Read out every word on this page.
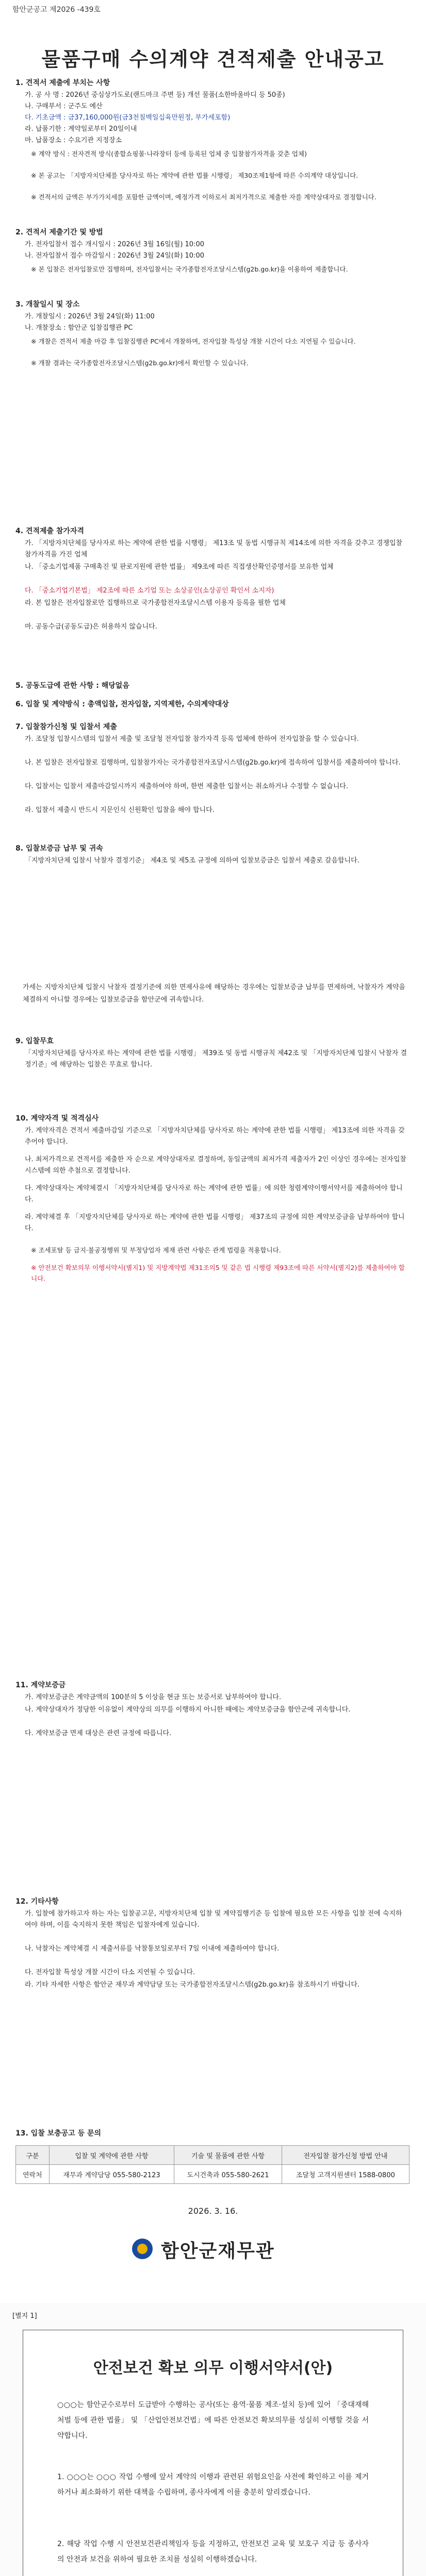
함안군공고 제2026 -439호
물품구매 수의계약 견적제출 안내공고
1. 견적서 제출에 부치는 사항
가. 공 사 명 : 2026년 중심상가도로(랜드마크 주변 등) 개선 물품(소한바울바디 등 50종)
나. 구매부서 : 군주도 예산
다. 기초금액 : 금37,160,000원(금3천칠백일십육만원정, 부가세포함)
라. 납품기한 : 계약일로부터 20일이내
마. 납품장소 : 수요기관 지정장소
※ 계약 방식 : 전자견적 방식(종합쇼핑몰·나라장터 등에 등록된 업체 중 입찰참가자격을 갖춘 업체)
※ 본 공고는 「지방자치단체를 당사자로 하는 계약에 관한 법률 시행령」 제30조제1항에 따른 수의계약 대상입니다.
※ 견적서의 금액은 부가가치세를 포함한 금액이며, 예정가격 이하로서 최저가격으로 제출한 자를 계약상대자로 결정합니다.
2. 견적서 제출기간 및 방법
가. 전자입찰서 접수 개시일시 : 2026년 3월 16일(월) 10:00
나. 전자입찰서 접수 마감일시 : 2026년 3월 24일(화) 10:00
※ 본 입찰은 전자입찰로만 집행하며, 전자입찰서는 국가종합전자조달시스템(g2b.go.kr)을 이용하여 제출합니다.
3. 개찰일시 및 장소
가. 개찰일시 : 2026년 3월 24일(화) 11:00
나. 개찰장소 : 함안군 입찰집행관 PC
※ 개찰은 견적서 제출 마감 후 입찰집행관 PC에서 개찰하며, 전자입찰 특성상 개찰 시간이 다소 지연될 수 있습니다.
※ 개찰 결과는 국가종합전자조달시스템(g2b.go.kr)에서 확인할 수 있습니다.
4. 견적제출 참가자격
가. 「지방자치단체를 당사자로 하는 계약에 관한 법률 시행령」 제13조 및 동법 시행규칙 제14조에 의한 자격을 갖추고 경쟁입찰 참가자격을 가진 업체
나. 「중소기업제품 구매촉진 및 판로지원에 관한 법률」 제9조에 따른 직접생산확인증명서를 보유한 업체
다. 「중소기업기본법」 제2조에 따른 소기업 또는 소상공인(소상공인 확인서 소지자)
라. 본 입찰은 전자입찰로만 집행하므로 국가종합전자조달시스템 이용자 등록을 필한 업체
마. 공동수급(공동도급)은 허용하지 않습니다.
5. 공동도급에 관한 사항 : 해당없음
6. 입찰 및 계약방식 : 총액입찰, 전자입찰, 지역제한, 수의계약대상
7. 입찰참가신청 및 입찰서 제출
가. 조달청 입찰시스템의 입찰서 제출 및 조달청 전자입찰 참가자격 등록 업체에 한하여 전자입찰을 할 수 있습니다.
나. 본 입찰은 전자입찰로 집행하며, 입찰참가자는 국가종합전자조달시스템(g2b.go.kr)에 접속하여 입찰서를 제출하여야 합니다.
다. 입찰서는 입찰서 제출마감일시까지 제출하여야 하며, 한번 제출한 입찰서는 취소하거나 수정할 수 없습니다.
라. 입찰서 제출시 반드시 지문인식 신원확인 입찰을 해야 합니다.
8. 입찰보증금 납부 및 귀속
「지방자치단체 입찰시 낙찰자 결정기준」 제4조 및 제5조 규정에 의하여 입찰보증금은 입찰서 제출로 갈음합니다.
가세는 지방자치단체 입찰시 낙찰자 결정기준에 의한 면제사유에 해당하는 경우에는 입찰보증금 납부를 면제하며, 낙찰자가 계약을 체결하지 아니할 경우에는 입찰보증금을 함안군에 귀속합니다.
9. 입찰무효
「지방자치단체를 당사자로 하는 계약에 관한 법률 시행령」 제39조 및 동법 시행규칙 제42조 및 「지방자치단체 입찰시 낙찰자 결정기준」에 해당하는 입찰은 무효로 합니다.
10. 계약자격 및 적격심사
가. 계약자격은 견적서 제출마감일 기준으로 「지방자치단체를 당사자로 하는 계약에 관한 법률 시행령」 제13조에 의한 자격을 갖추어야 합니다.
나. 최저가격으로 견적서를 제출한 자 순으로 계약상대자로 결정하며, 동일금액의 최저가격 제출자가 2인 이상인 경우에는 전자입찰 시스템에 의한 추첨으로 결정합니다.
다. 계약상대자는 계약체결시 「지방자치단체를 당사자로 하는 계약에 관한 법률」에 의한 청렴계약이행서약서를 제출하여야 합니다.
라. 계약체결 후 「지방자치단체를 당사자로 하는 계약에 관한 법률 시행령」 제37조의 규정에 의한 계약보증금을 납부하여야 합니다.
※ 조세포탈 등 금지·불공정행위 및 부정당업자 제재 관련 사항은 관계 법령을 적용합니다.
※ 안전보건 확보의무 이행서약서(별지1) 및 지방계약법 제31조의5 및 같은 법 시행령 제93조에 따른 서약서(별지2)를 제출하여야 합니다.
11. 계약보증금
가. 계약보증금은 계약금액의 100분의 5 이상을 현금 또는 보증서로 납부하여야 합니다.
나. 계약상대자가 정당한 이유없이 계약상의 의무를 이행하지 아니한 때에는 계약보증금을 함안군에 귀속합니다.
다. 계약보증금 면제 대상은 관련 규정에 따릅니다.
12. 기타사항
가. 입찰에 참가하고자 하는 자는 입찰공고문, 지방자치단체 입찰 및 계약집행기준 등 입찰에 필요한 모든 사항을 입찰 전에 숙지하여야 하며, 이를 숙지하지 못한 책임은 입찰자에게 있습니다.
나. 낙찰자는 계약체결 시 제출서류를 낙찰통보일로부터 7일 이내에 제출하여야 합니다.
다. 전자입찰 특성상 개찰 시간이 다소 지연될 수 있습니다.
라. 기타 자세한 사항은 함안군 재무과 계약담당 또는 국가종합전자조달시스템(g2b.go.kr)을 참조하시기 바랍니다.
13. 입찰 보충공고 등 문의
구분	입찰 및 계약에 관한 사항	기술 및 물품에 관한 사항	전자입찰 참가신청 방법 안내
연락처	재무과 계약담당 055-580-2123	도시건축과 055-580-2621	조달청 고객지원센터 1588-0800
2026. 3. 16.
함안군재무관
[별지 1]
안전보건 확보 의무 이행서약서(안)
○○○는 함안군수로부터 도급받아 수행하는 공사(또는 용역·물품 제조·설치 등)에 있어 「중대재해 처벌 등에 관한 법률」 및 「산업안전보건법」에 따른 안전보건 확보의무를 성실히 이행할 것을 서약합니다.
1. ○○○는 ○○○ 작업 수행에 앞서 계약의 이행과 관련된 위험요인을 사전에 확인하고 이를 제거하거나 최소화하기 위한 대책을 수립하며, 종사자에게 이를 충분히 알리겠습니다.
2. 해당 작업 수행 시 안전보건관리책임자 등을 지정하고, 안전보건 교육 및 보호구 지급 등 종사자의 안전과 보건을 위하여 필요한 조치를 성실히 이행하겠습니다.
